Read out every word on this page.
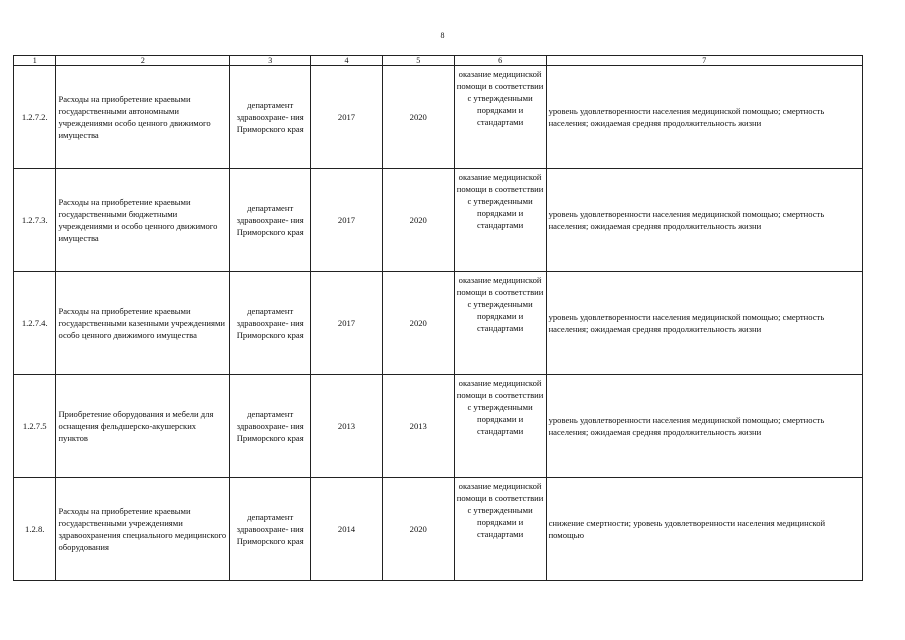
8
1	2	3	4	5	6	7
1.2.7.2.	Расходы на приобретение краевыми государственными автономными учреждениями особо ценного движимого имущества	департамент здравоохране- ния Приморского края	2017	2020	оказание медицинской помощи в соответствии с утвержденными порядками и стандартами	уровень удовлетворенности населения медицинской помощью; смертность населения; ожидаемая средняя продолжительность жизни
1.2.7.3.	Расходы на приобретение краевыми государственными бюджетными учреждениями и особо ценного движимого имущества	департамент здравоохране- ния Приморского края	2017	2020	оказание медицинской помощи в соответствии с утвержденными порядками и стандартами	уровень удовлетворенности населения медицинской помощью; смертность населения; ожидаемая средняя продолжительность жизни
1.2.7.4.	Расходы на приобретение краевыми государственными казенными учреждениями особо ценного движимого имущества	департамент здравоохране- ния Приморского края	2017	2020	оказание медицинской помощи в соответствии с утвержденными порядками и стандартами	уровень удовлетворенности населения медицинской помощью; смертность населения; ожидаемая средняя продолжительность жизни
1.2.7.5	Приобретение оборудования и мебели для оснащения фельдшерско-акушерских пунктов	департамент здравоохране- ния Приморского края	2013	2013	оказание медицинской помощи в соответствии с утвержденными порядками и стандартами	уровень удовлетворенности населения медицинской помощью; смертность населения; ожидаемая средняя продолжительность жизни
1.2.8.	Расходы на приобретение краевыми государственными учреждениями здравоохранения специального медицинского оборудования	департамент здравоохране- ния Приморского края	2014	2020	оказание медицинской помощи в соответствии с утвержденными порядками и стандартами	снижение смертности; уровень удовлетворенности населения медицинской помощью
